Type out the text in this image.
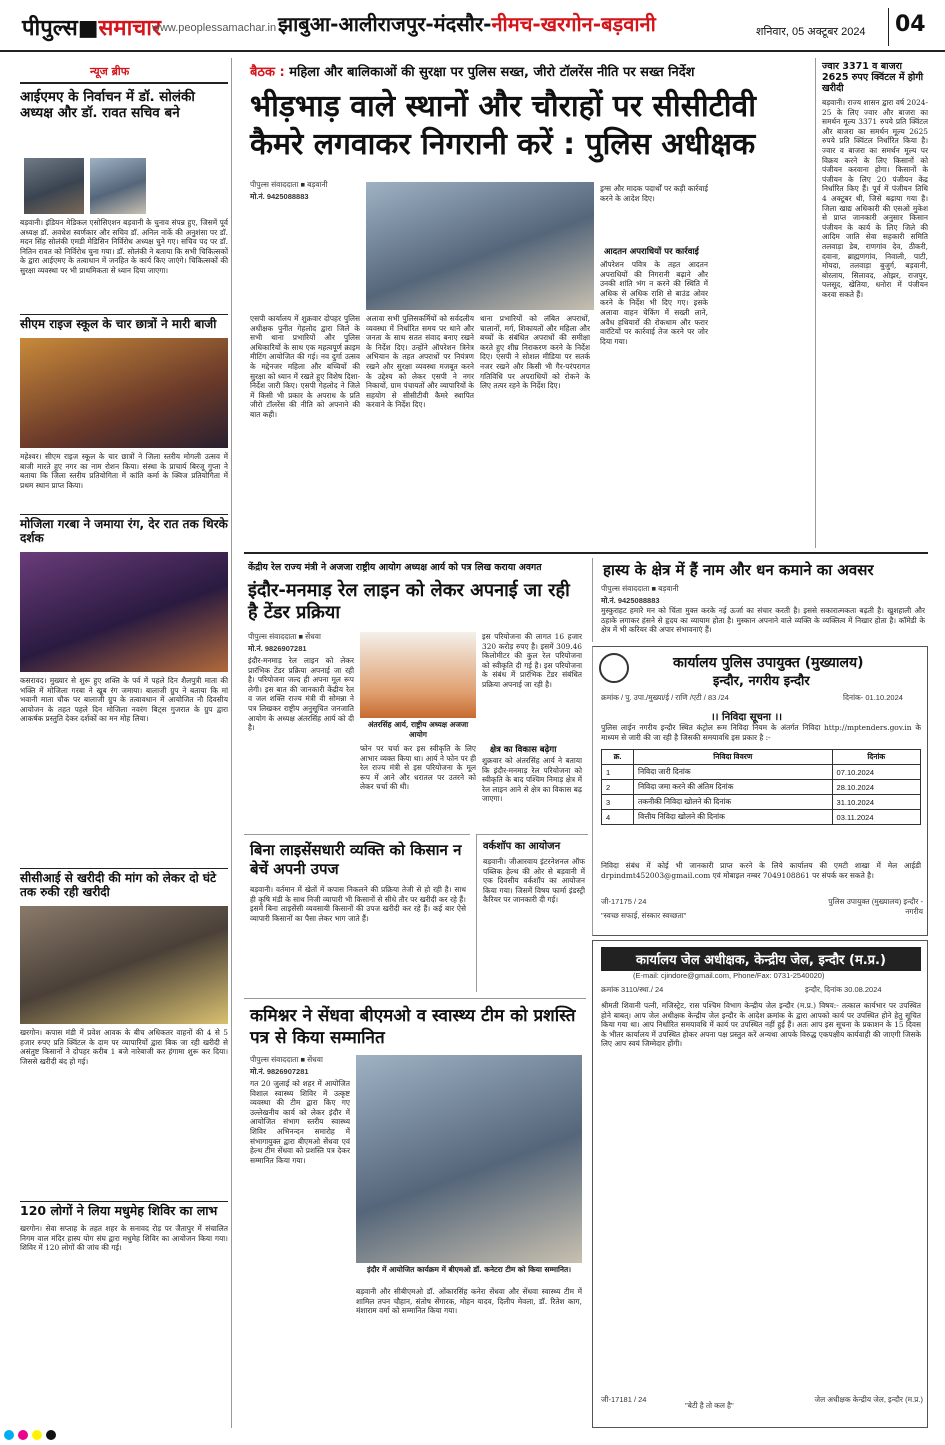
पीपुल्स■समाचार
www.peoplessamachar.in झाबुआ-आलीराजपुर-मंदसौर-नीमच-खरगोन-बड़वानी	शनिवार, 05 अक्टूबर 2024 04
न्यूज ब्रीफ
आईएमए के निर्वाचन में डॉ. सोलंकी अध्यक्ष और डॉ. रावत सचिव बने
बड़वानी। इंडियन मेडिकल एसोसिएशन बड़वानी के चुनाव संपन्न हुए, जिसमें पूर्व अध्यक्ष डॉ. अवधेश स्वर्णकार और सचिव डॉ. अनिल नार्के की अनुशंसा पर डॉ. मदन सिंह सोलंकी एमडी मेडिसिन निर्विरोध अध्यक्ष चुने गए। सचिव पद पर डॉ. नितिन रावत को निर्विरोध चुना गया। डॉ. सोलंकी ने बताया कि सभी चिकित्सकों के द्वारा आईएमए के तत्वाधान में जनहित के कार्य किए जाएंगे। चिकित्सकों की सुरक्षा व्यवस्था पर भी प्राथमिकता से ध्यान दिया जाएगा।
सीएम राइज स्कूल के चार छात्रों ने मारी बाजी
महेश्वर। सीएम राइज स्कूल के चार छात्रों ने जिला स्तरीय मोगली उत्सव में बाजी मारते हुए नगर का नाम रोशन किया। संस्था के प्राचार्य बिरजू गुप्ता ने बताया कि जिला स्तरीय प्रतियोगिता में कांति कर्मा के क्विज प्रतियोगिता में प्रथम स्थान प्राप्त किया।
मोजिला गरबा ने जमाया रंग, देर रात तक थिरके दर्शक
कसरावद। मुख्यार से शुरू हुए शक्ति के पर्व में पहले दिन शैलपुत्री माता की भक्ति में मोजिला गरबा ने खूब रंग जमाया। बालाजी ग्रुप ने बताया कि मां भवानी माता चौक पर बालाजी ग्रुप के तत्वावधान में आयोजित नौ दिवसीय आयोजन के तहत पहले दिन मोजिला नवरंग बिट्स गुजरात के ग्रुप द्वारा आकर्षक प्रस्तुति देकर दर्शकों का मन मोह लिया।
सीसीआई से खरीदी की मांग को लेकर दो घंटे तक रुकी रही खरीदी
खरगोन। कपास मंडी में प्रवेश आवक के बीच अधिकतर वाहनों की 4 से 5 हजार रुपए प्रति क्विंटल के दाम पर व्यापारियों द्वारा बिक जा रही खरीदी से असंतुष्ट किसानों ने दोपहर करीब 1 बजे नारेबाजी कर हंगामा शुरू कर दिया। जिससे खरीदी बंद हो गई।
120 लोगों ने लिया मधुमेह शिविर का लाभ
खरगोन। सेवा सप्ताह के तहत शहर के सनावद रोड़ पर जैतापुर में संचालित निगम वाल मंदिर हास्य योग संघ द्वारा मधुमेह शिविर का आयोजन किया गया। शिविर में 120 लोगों की जांच की गई।
बैठक : महिला और बालिकाओं की सुरक्षा पर पुलिस सख्त, जीरो टॉलरेंस नीति पर सख्त निर्देश
भीड़भाड़ वाले स्थानों और चौराहों पर सीसीटीवी
कैमरे लगवाकर निगरानी करें : पुलिस अधीक्षक
पीपुल्स संवाददाता ■ बड़वानी
मो.नं. 9425088883
एसपी कार्यालय में शुक्रवार दोपहर पुलिस अधीक्षक पुनीत गेहलोद द्वारा जिले के सभी थाना प्रभारियों और पुलिस अधिकारियों के साथ एक महत्वपूर्ण क्राइम मीटिंग आयोजित की गई। नव दुर्गा उत्सव के मद्देनजर महिला और बच्चियों की सुरक्षा को ध्यान में रखते हुए विशेष दिशा-निर्देश जारी किए। एसपी गेहलोद ने जिले में किसी भी प्रकार के अपराध के प्रति जीरो टॉलरेंस की नीति को अपनाने की बात कही।
अलावा सभी पुलिसकर्मियों को सर्वदलीय व्यवस्था में निर्धारित समय पर थाने और जनता के साथ सतत संवाद बनाए रखने के निर्देश दिए। उन्होंने ऑपरेशन त्रिनेत्र अभियान के तहत अपराधों पर नियंत्रण रखने और सुरक्षा व्यवस्था मजबूत करने के उद्देश्य को लेकर एसपी ने नगर निकायों, ग्राम पंचायतों और व्यापारियों के सहयोग से सीसीटीवी कैमरे स्थापित करवाने के निर्देश दिए।
थाना प्रभारियों को लंबित अपराधों, चालानों, मर्ग, शिकायतों और महिला और बच्चों के संबंधित अपराधों की समीक्षा करते हुए शीघ्र निराकरण करने के निर्देश दिए। एसपी ने सोशल मीडिया पर सतर्क नजर रखने और किसी भी गैर-परंपरागत गतिविधि पर अपराधियों को रोकने के लिए तत्पर रहने के निर्देश दिए।
ड्रग्स और मादक पदार्थों पर कड़ी कार्रवाई करने के आदेश दिए।
आदतन अपराधियों पर कार्रवाई
ऑपरेशन पवित्र के तहत आदतन अपराधियों की निगरानी बढ़ाने और उनकी शांति भंग न करने की स्थिति में अधिक से अधिक राशि से बाउंड ओवर करने के निर्देश भी दिए गए। इसके अलावा वाहन चेकिंग में सख्ती लाने, अवैध हथियारों की रोकथाम और फरार वारंटियों पर कार्रवाई तेज करने पर जोर दिया गया।
ज्वार 3371 व बाजरा 2625 रुपए क्विंटल में होगी खरीदी
बड़वानी। राज्य शासन द्वारा वर्ष 2024-25 के लिए ज्वार और बाजरा का समर्थन मूल्य 3371 रुपये प्रति क्विंटल और बाजरा का समर्थन मूल्य 2625 रुपये प्रति क्विंटल निर्धारित किया है। ज्वार व बाजरा का समर्थन मूल्य पर विक्रय करने के लिए किसानों को पंजीयन करवाना होगा। किसानों के पंजीयन के लिए 20 पंजीयन केंद्र निर्धारित किए हैं। पूर्व में पंजीयन तिथि 4 अक्टूबर थी, जिसे बढ़ाया गया है। जिला खाद्य अधिकारी की एसओ मुकेश से प्राप्त जानकारी अनुसार किसान पंजीयन के कार्य के लिए जिले की आदिम जाति सेवा सहकारी समिति तलवाड़ा डेब, राणगांव देव, ठीकरी, दवाना, ब्राह्मणगांव, निवाली, पाटी, मोयदा, तलवाड़ा बुजुर्ग, बड़वानी, बोरलाय, सिलावद, ओझर, राजपुर, पलसूद, खेतिया, धनोरा में पंजीयन करवा सकते हैं।
केंद्रीय रेल राज्य मंत्री ने अजजा राष्ट्रीय आयोग अध्यक्ष आर्य को पत्र लिख कराया अवगत
इंदौर-मनमाड़ रेल लाइन को लेकर अपनाई जा रही है टेंडर प्रक्रिया
पीपुल्स संवाददाता ■ सेंधवा
मो.नं. 9826907281
इंदौर-मनमाड़ रेल लाइन को लेकर प्रारंभिक टेंडर प्रक्रिया अपनाई जा रही है। परियोजना जल्द ही अपना मूल रूप लेगी। इस बात की जानकारी केंद्रीय रेल व जल शक्ति राज्य मंत्री वी सोमन्ना ने पत्र लिखकर राष्ट्रीय अनुसूचित जनजाति आयोग के अध्यक्ष अंतरसिंह आर्य को दी है।	अंतरसिंह आर्य, राष्ट्रीय अध्यक्ष अजजा आयोग
फोन पर चर्चा कर इस स्वीकृति के लिए आभार व्यक्त किया था। आर्य ने फोन पर ही रेल राज्य मंत्री से इस परियोजना के मूल रूप में आने और धरातल पर उतरने को लेकर चर्चा की थी।
इस परियोजना की लागत 16 हजार 320 करोड़ रुपए है। इसमें 309.46 किलोमीटर की कुल रेल परियोजना को स्वीकृति दी गई है। इस परियोजना के संबंध में प्रारंभिक टेंडर संबंधित प्रक्रिया अपनाई जा रही है।
क्षेत्र का विकास बढ़ेगा
शुक्रवार को अंतरसिंह आर्य ने बताया कि इंदौर-मनमाड़ रेल परियोजना को स्वीकृति के बाद पश्चिम निमाड़ क्षेत्र में रेल लाइन आने से क्षेत्र का विकास बढ़ जाएगा।
हास्य के क्षेत्र में हैं नाम और धन कमाने का अवसर
पीपुल्स संवाददाता ■ बड़वानी
मो.नं. 9425088883
मुस्कुराहट हमारे मन को चिंता मुक्त करके नई ऊर्जा का संचार करती है। इससे सकारात्मकता बढ़ती है। खुशहाली और ठहाके लगाकर हंसने से हृदय का व्यायाम होता है। मुस्कान अपनाने वाले व्यक्ति के व्यक्तित्व में निखार होता है। कॉमेडी के क्षेत्र में भी करियर की अपार संभावनाएं हैं।
कार्यालय पुलिस उपायुक्त (मुख्यालय)
इन्दौर, नगरीय इन्दौर
क्रमांक / पु. उपा./मुख्या/ई / राणि /एटी / 83 /24	दिनांक- 01.10.2024
।। निविदा सूचना ।।
पुलिस लाईन नगरीय इन्दौर स्थित कंट्रोल रूम निविदा नियम के अंतर्गत निविदा http://mptenders.gov.in के माध्यम से जारी की जा रही है जिसकी समयावधि इस प्रकार है :-
क्र.	निविदा विवरण	दिनांक
1	निविदा जारी दिनांक	07.10.2024
2	निविदा जमा करने की अंतिम दिनांक	28.10.2024
3	तकनीकी निविदा खोलने की दिनांक	31.10.2024
4	वित्तीय निविदा खोलने की दिनांक	03.11.2024
निविदा संबंध में कोई भी जानकारी प्राप्त करने के लिये कार्यालय की एमटी शाखा में मेल आईडी drpindmt452003@gmail.com एवं मोबाइल नम्बर 7049108861 पर संपर्क कर सकते है।
जी-17175 / 24
"स्वच्छ सफाई, संस्कार स्वच्छता"
पुलिस उपायुक्त (मुख्यालय) इन्दौर - नगरीय
बिना लाइसेंसधारी व्यक्ति को किसान न बेचें अपनी उपज
बड़वानी। वर्तमान में खेतों में कपास निकलने की प्रक्रिया तेजी से हो रही है। साथ ही कृषि मंडी के साथ निजी व्यापारी भी किसानों से सीधे तौर पर खरीदी कर रहे हैं। इसमें बिना लाइसेंसी व्यवसायी किसानों की उपज खरीदी कर रहे हैं। कई बार ऐसे व्यापारी किसानों का पैसा लेकर भाग जाते हैं।
वर्कशॉप का आयोजन
बड़वानी। जीआरवाय इंटरनेशनल ऑफ पब्लिक हेल्थ की ओर से बड़वानी में एक दिवसीय वर्कशॉप का आयोजन किया गया। जिसमें विषय फार्मा इंडस्ट्री कैरियर पर जानकारी दी गई।
कार्यालय जेल अधीक्षक, केन्द्रीय जेल, इन्दौर (म.प्र.)
(E-mail: cjindore@gmail.com, Phone/Fax: 0731-2540020)
क्रमांक 3110/स्था./ 24	इन्दौर, दिनांक 30.08.2024
श्रीमती शिवानी पत्नी, मजिस्ट्रेट, रास पश्चिम विभाग केन्द्रीय जेल इन्दौर (म.प्र.) विषय:- तत्काल कार्यभार पर उपस्थित होने बाबत्। आप जेल अधीक्षक केन्द्रीय जेल इन्दौर के आदेश क्रमांक के द्वारा आपको कार्य पर उपस्थित होने हेतु सूचित किया गया था। आप निर्धारित समयावधि में कार्य पर उपस्थित नहीं हुई हैं। अतः आप इस सूचना के प्रकाशन के 15 दिवस के भीतर कार्यालय में उपस्थित होकर अपना पक्ष प्रस्तुत करें अन्यथा आपके विरुद्ध एकपक्षीय कार्यवाही की जाएगी जिसके लिए आप स्वयं जिम्मेदार होंगी।
जी-17181 / 24
"बेटी है तो कल है"
जेल अधीक्षक केन्द्रीय जेल, इन्दौर (म.प्र.)
कमिश्नर ने सेंधवा बीएमओ व स्वास्थ्य टीम को प्रशस्ति पत्र से किया सम्मानित
पीपुल्स संवाददाता ■ सेंधवा
मो.नं. 9826907281
गत 20 जुलाई को शहर में आयोजित विशाल स्वास्थ्य शिविर में उत्कृष्ट व्यवस्था की टीम द्वारा किए गए उल्लेखनीय कार्य को लेकर इंदौर में आयोजित संभाग स्तरीय स्वास्थ्य शिविर अभिनन्दन समारोह में संभागायुक्त द्वारा बीएमओ सेंधवा एवं हेल्थ टीम सेंधवा को प्रशस्ति पत्र देकर सम्मानित किया गया।
इंदौर में आयोजित कार्यक्रम में बीएमओ डॉ. कनेटरा टीम को किया सम्मानित।
बड़वानी और सीबीएमओ डॉ. ओंकारसिंह कनेरा सेंधवा और सेंधवा स्वास्थ्य टीम में शामिल तपन चौहान, संतोष सेंगारक, मोहन यादव, दिलीप मेवला, डॉ. रितेश काग, मंशाराम वर्मा को सम्मानित किया गया।
